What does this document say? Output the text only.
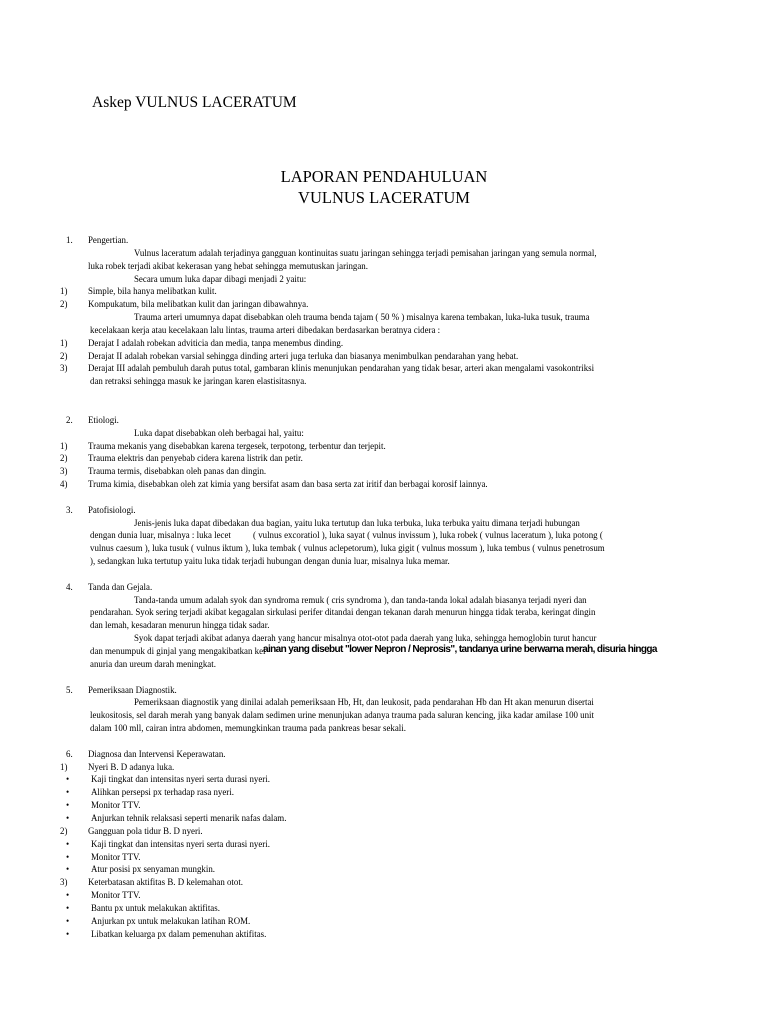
Askep VULNUS LACERATUM
LAPORAN PENDAHULUAN
VULNUS LACERATUM
1. Pengertian.
Vulnus laceratum adalah terjadinya gangguan kontinuitas suatu jaringan sehingga terjadi pemisahan jaringan yang semula normal,
luka robek terjadi akibat kekerasan yang hebat sehingga memutuskan jaringan.
Secara umum luka dapar dibagi menjadi 2 yaitu:
1) Simple, bila hanya melibatkan kulit.
2) Kompukatum, bila melibatkan kulit dan jaringan dibawahnya.
Trauma arteri umumnya dapat disebabkan oleh trauma benda tajam ( 50 % ) misalnya karena tembakan, luka-luka tusuk, trauma
kecelakaan kerja atau kecelakaan lalu lintas, trauma arteri dibedakan berdasarkan beratnya cidera :
1) Derajat I adalah robekan adviticia dan media, tanpa menembus dinding.
2) Derajat II adalah robekan varsial sehingga dinding arteri juga terluka dan biasanya menimbulkan pendarahan yang hebat.
3) Derajat III adalah pembuluh darah putus total, gambaran klinis menunjukan pendarahan yang tidak besar, arteri akan mengalami vasokontriksi
dan retraksi sehingga masuk ke jaringan karen elastisitasnya.
2. Etiologi.
Luka dapat disebabkan oleh berbagai hal, yaitu:
1) Trauma mekanis yang disebabkan karena tergesek, terpotong, terbentur dan terjepit.
2) Trauma elektris dan penyebab cidera karena listrik dan petir.
3) Trauma termis, disebabkan oleh panas dan dingin.
4) Truma kimia, disebabkan oleh zat kimia yang bersifat asam dan basa serta zat iritif dan berbagai korosif lainnya.
3. Patofisiologi.
Jenis-jenis luka dapat dibedakan dua bagian, yaitu luka tertutup dan luka terbuka, luka terbuka yaitu dimana terjadi hubungan
dengan dunia luar, misalnya : luka lecet          ( vulnus excoratiol ), luka sayat ( vulnus invissum ), luka robek ( vulnus laceratum ), luka potong (
vulnus caesum ), luka tusuk ( vulnus iktum ), luka tembak ( vulnus aclepetorum), luka gigit ( vulnus mossum ), luka tembus ( vulnus penetrosum
), sedangkan luka tertutup yaitu luka tidak terjadi hubungan dengan dunia luar, misalnya luka memar.
4. Tanda dan Gejala.
Tanda-tanda umum adalah syok dan syndroma remuk ( cris syndroma ), dan tanda-tanda lokal adalah biasanya terjadi nyeri dan
pendarahan. Syok sering terjadi akibat kegagalan sirkulasi perifer ditandai dengan tekanan darah menurun hingga tidak teraba, keringat dingin
dan lemah, kesadaran menurun hingga tidak sadar.
Syok dapat terjadi akibat adanya daerah yang hancur misalnya otot-otot pada daerah yang luka, sehingga hemoglobin turut hancur
dan menumpuk di ginjal yang mengakibatkan kel
ainan yang disebut "lower Nepron / Neprosis", tandanya urine berwarna merah, disuria hingga
anuria dan ureum darah meningkat.
5. Pemeriksaan Diagnostik.
Pemeriksaan diagnostik yang dinilai adalah pemeriksaan Hb, Ht, dan leukosit, pada pendarahan Hb dan Ht akan menurun disertai
leukositosis, sel darah merah yang banyak dalam sedimen urine menunjukan adanya trauma pada saluran kencing, jika kadar amilase 100 unit
dalam 100 mll, cairan intra abdomen, memungkinkan trauma pada pankreas besar sekali.
6. Diagnosa dan Intervensi Keperawatan.
1) Nyeri B. D adanya luka.
• Kaji tingkat dan intensitas nyeri serta durasi nyeri.
• Alihkan persepsi px terhadap rasa nyeri.
• Monitor TTV.
• Anjurkan tehnik relaksasi seperti menarik nafas dalam.
2) Gangguan pola tidur B. D nyeri.
• Kaji tingkat dan intensitas nyeri serta durasi nyeri.
• Monitor TTV.
• Atur posisi px senyaman mungkin.
3) Keterbatasan aktifitas B. D kelemahan otot.
• Monitor TTV.
• Bantu px untuk melakukan aktifitas.
• Anjurkan px untuk melakukan latihan ROM.
• Libatkan keluarga px dalam pemenuhan aktifitas.
